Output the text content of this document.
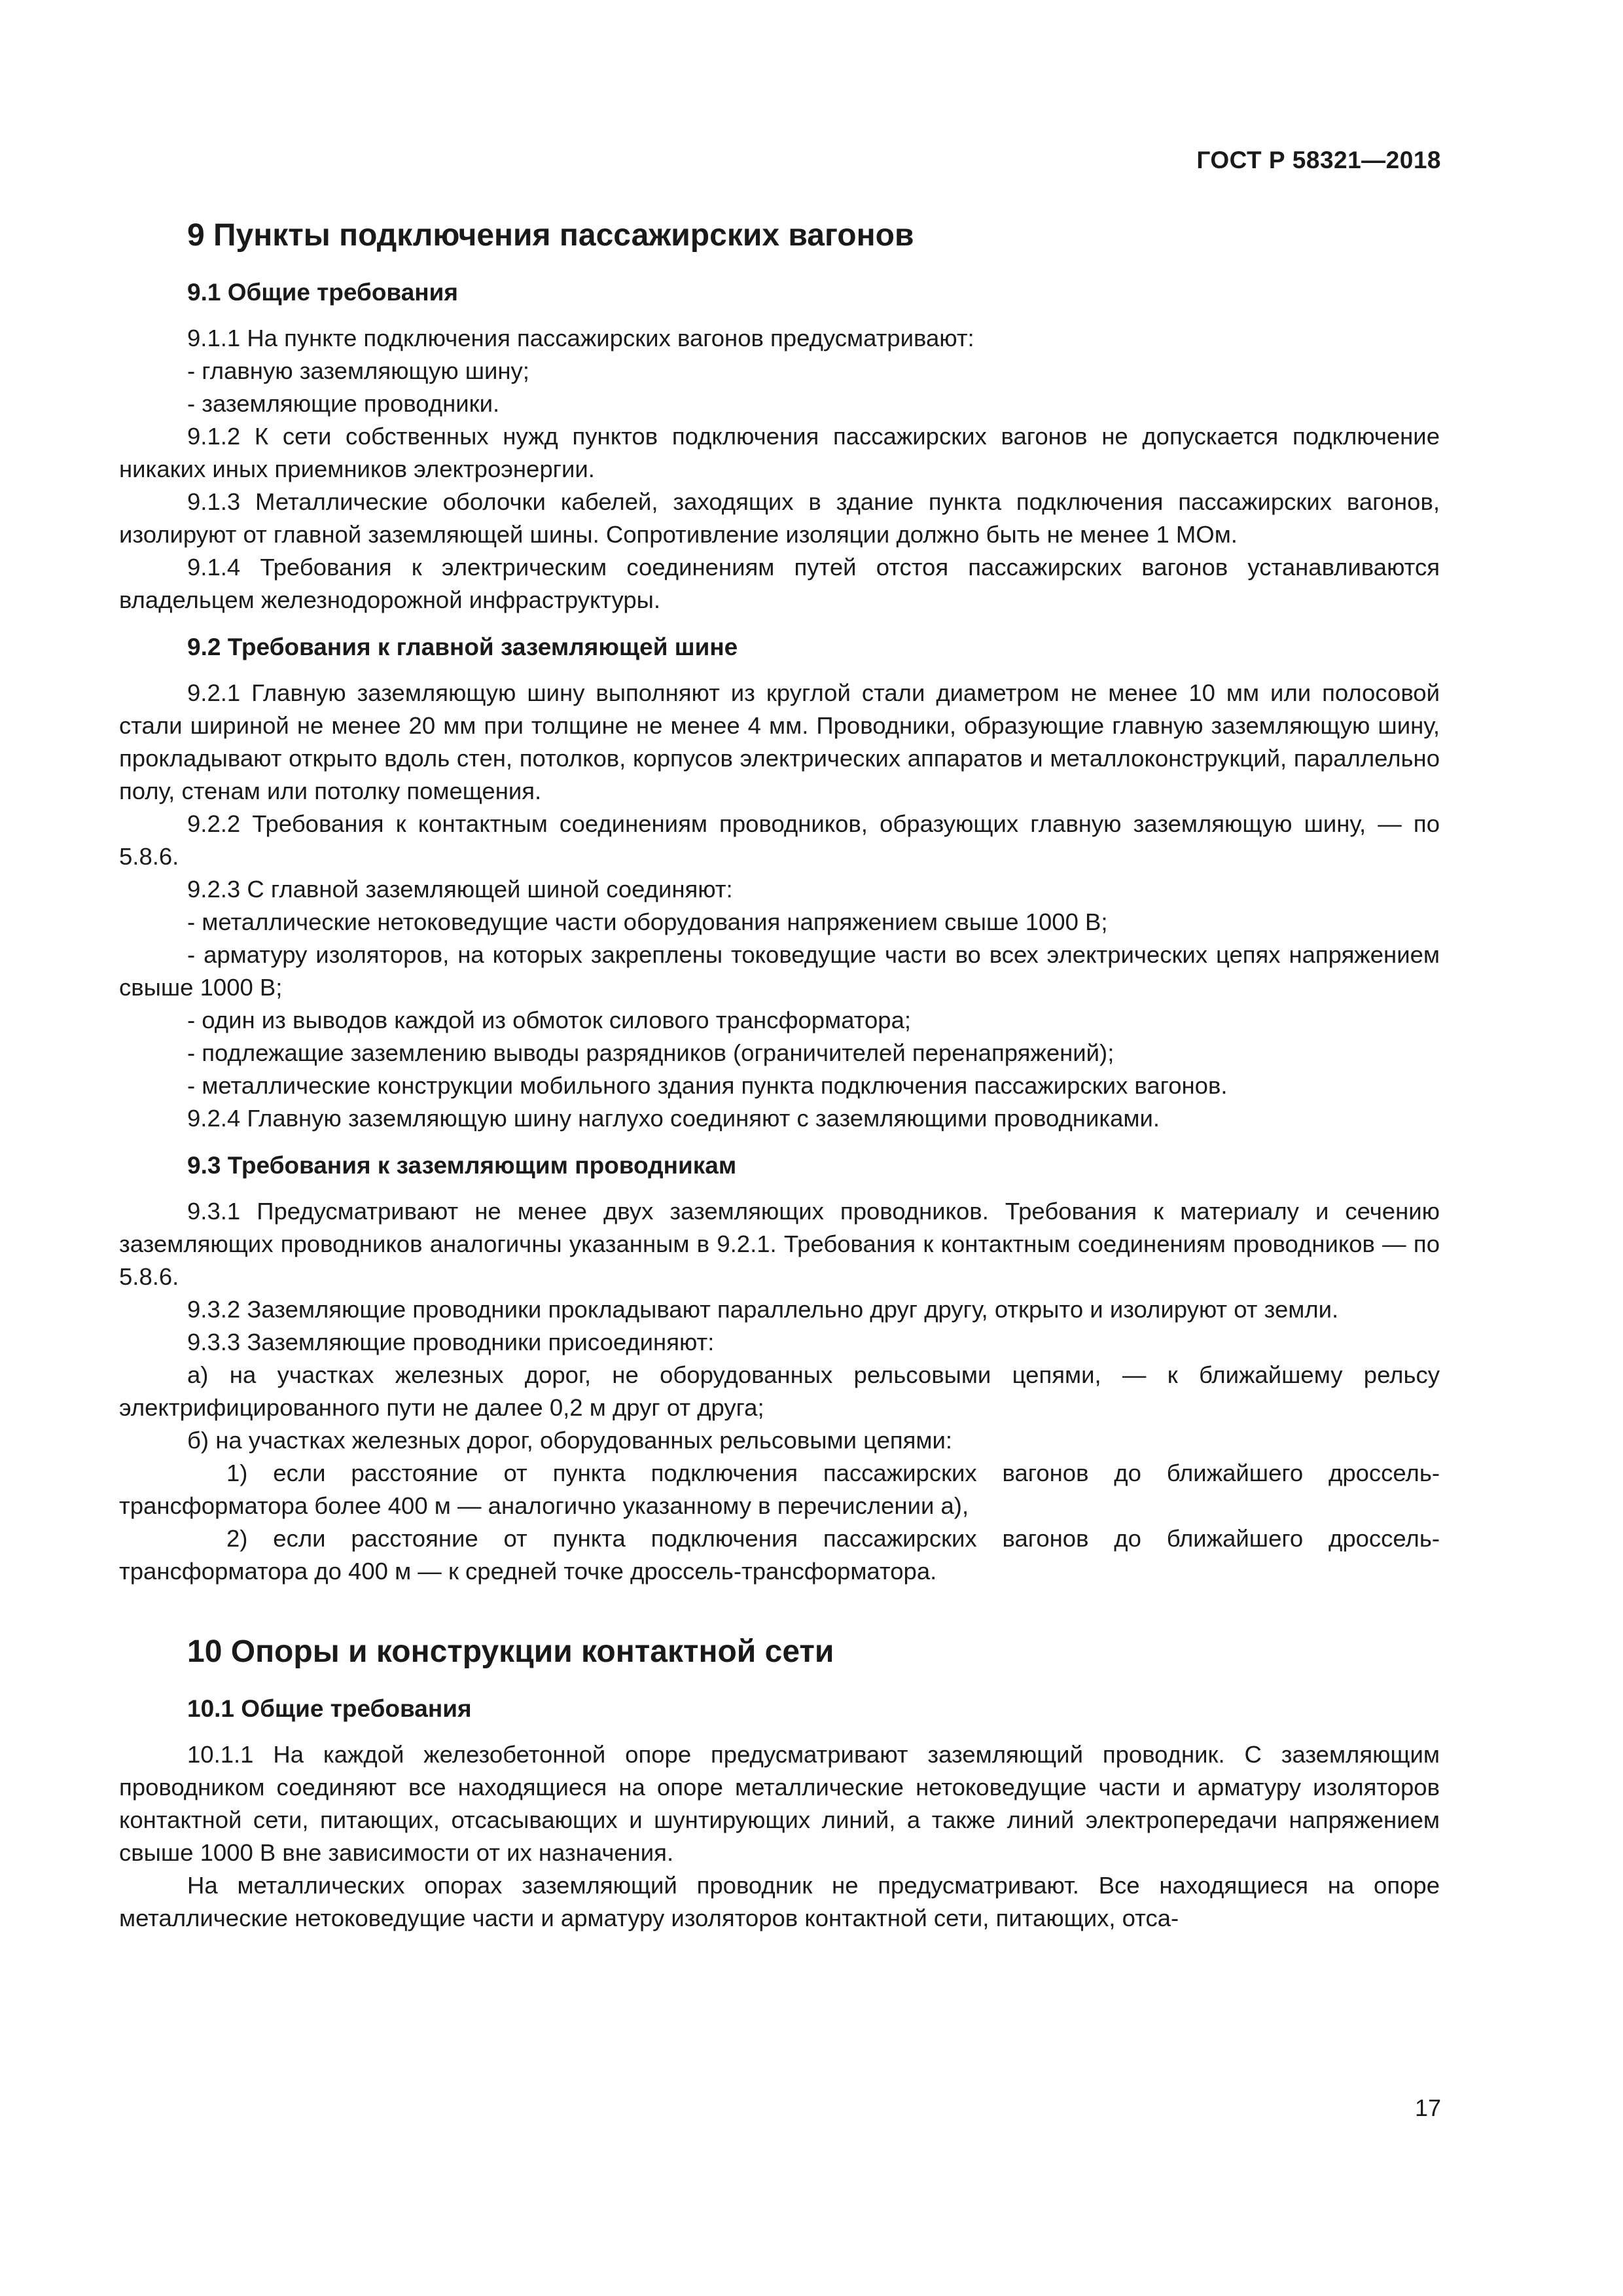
ГОСТ Р 58321—2018
9 Пункты подключения пассажирских вагонов
9.1 Общие требования

9.1.1 На пункте подключения пассажирских вагонов предусматривают:

- главную заземляющую шину;

- заземляющие проводники.

9.1.2 К сети собственных нужд пунктов подключения пассажирских вагонов не допускается подключение никаких иных приемников электроэнергии.

9.1.3 Металлические оболочки кабелей, заходящих в здание пункта подключения пассажирских вагонов, изолируют от главной заземляющей шины. Сопротивление изоляции должно быть не менее 1 МОм.

9.1.4 Требования к электрическим соединениям путей отстоя пассажирских вагонов устанавливаются владельцем железнодорожной инфраструктуры.

9.2 Требования к главной заземляющей шине

9.2.1 Главную заземляющую шину выполняют из круглой стали диаметром не менее 10 мм или полосовой стали шириной не менее 20 мм при толщине не менее 4 мм. Проводники, образующие главную заземляющую шину, прокладывают открыто вдоль стен, потолков, корпусов электрических аппаратов и металлоконструкций, параллельно полу, стенам или потолку помещения.

9.2.2 Требования к контактным соединениям проводников, образующих главную заземляющую шину, — по 5.8.6.

9.2.3 С главной заземляющей шиной соединяют:

- металлические нетоковедущие части оборудования напряжением свыше 1000 В;

- арматуру изоляторов, на которых закреплены токоведущие части во всех электрических цепях напряжением свыше 1000 В;

- один из выводов каждой из обмоток силового трансформатора;

- подлежащие заземлению выводы разрядников (ограничителей перенапряжений);

- металлические конструкции мобильного здания пункта подключения пассажирских вагонов.

9.2.4 Главную заземляющую шину наглухо соединяют с заземляющими проводниками.

9.3 Требования к заземляющим проводникам

9.3.1 Предусматривают не менее двух заземляющих проводников. Требования к материалу и сечению заземляющих проводников аналогичны указанным в 9.2.1. Требования к контактным соединениям проводников — по 5.8.6.

9.3.2 Заземляющие проводники прокладывают параллельно друг другу, открыто и изолируют от земли.

9.3.3 Заземляющие проводники присоединяют:

а) на участках железных дорог, не оборудованных рельсовыми цепями, — к ближайшему рельсу электрифицированного пути не далее 0,2 м друг от друга;

б) на участках железных дорог, оборудованных рельсовыми цепями:

1) если расстояние от пункта подключения пассажирских вагонов до ближайшего дроссель-трансформатора более 400 м — аналогично указанному в перечислении а),

2) если расстояние от пункта подключения пассажирских вагонов до ближайшего дроссель-трансформатора до 400 м — к средней точке дроссель-трансформатора.

10 Опоры и конструкции контактной сети
10.1 Общие требования

10.1.1 На каждой железобетонной опоре предусматривают заземляющий проводник. С заземляющим проводником соединяют все находящиеся на опоре металлические нетоковедущие части и арматуру изоляторов контактной сети, питающих, отсасывающих и шунтирующих линий, а также линий электропередачи напряжением свыше 1000 В вне зависимости от их назначения.

На металлических опорах заземляющий проводник не предусматривают. Все находящиеся на опоре металлические нетоковедущие части и арматуру изоляторов контактной сети, питающих, отса-

17
